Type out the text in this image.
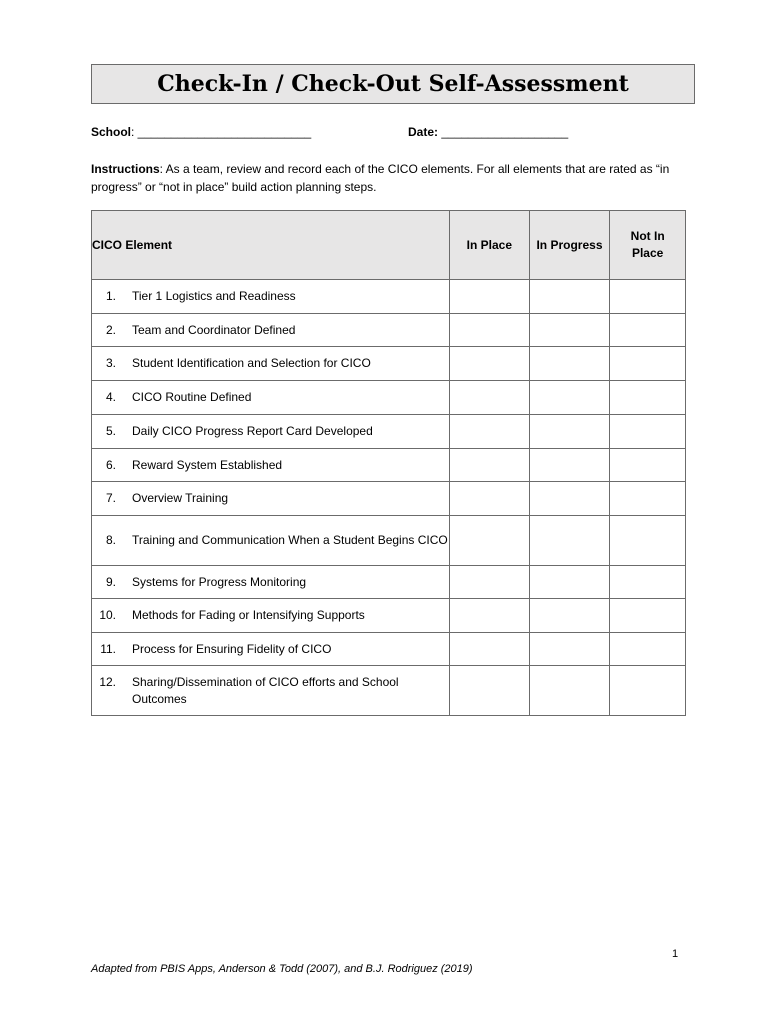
Check-In / Check-Out Self-Assessment
School: __________________________	Date: ___________________
Instructions: As a team, review and record each of the CICO elements. For all elements that are rated as “in progress” or “not in place” build action planning steps.
CICO Element	In Place	In Progress	Not In Place

1. Tier 1 Logistics and Readiness			

2. Team and Coordinator Defined			

3. Student Identification and Selection for CICO			

4. CICO Routine Defined			

5. Daily CICO Progress Report Card Developed			

6. Reward System Established			

7. Overview Training			

8. Training and Communication When a Student Begins CICO			

9. Systems for Progress Monitoring			

10. Methods for Fading or Intensifying Supports			

11. Process for Ensuring Fidelity of CICO			

12. Sharing/Dissemination of CICO efforts and School Outcomes			

1
Adapted from PBIS Apps, Anderson & Todd (2007), and B.J. Rodriguez (2019)
